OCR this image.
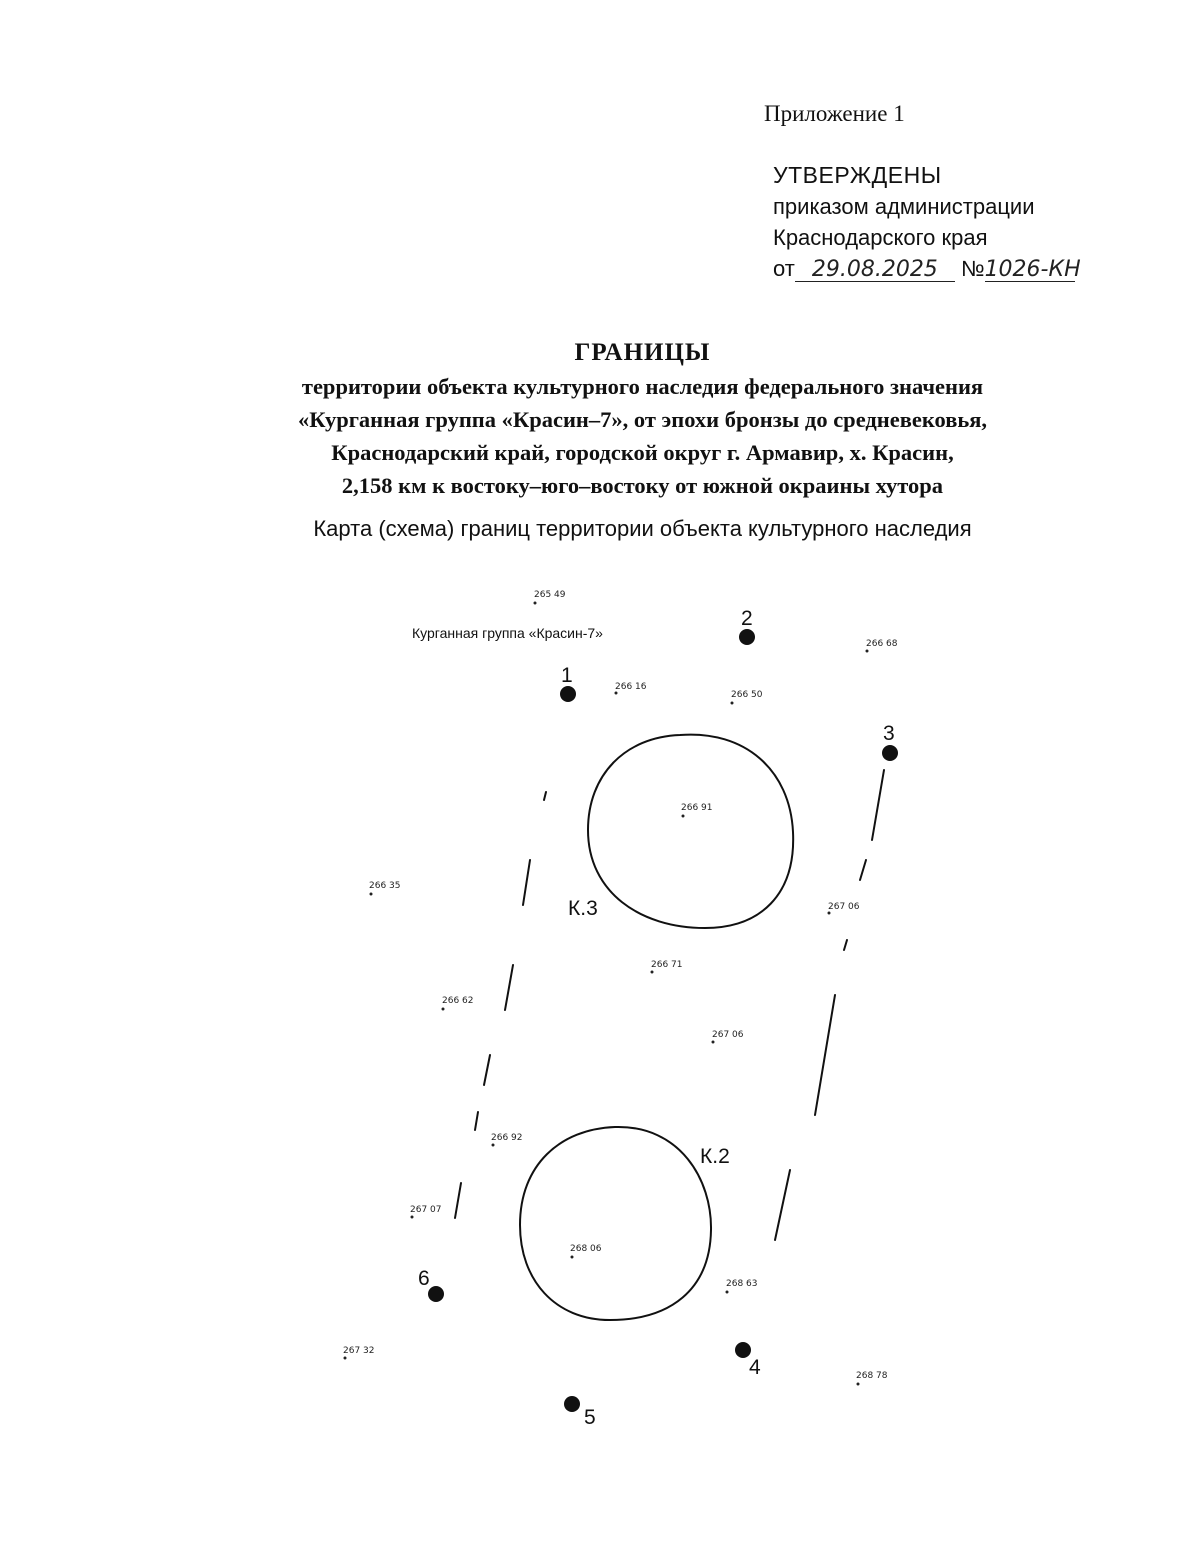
Приложение 1
УТВЕРЖДЕНЫ
приказом администрации
Краснодарского края
от 29.08.2025 №1026-КН
ГРАНИЦЫ
территории объекта культурного наследия федерального значения
«Курганная группа «Красин–7», от эпохи бронзы до средневековья,
Краснодарский край, городской округ г. Армавир, х. Красин,
2,158 км к востоку–юго–востоку от южной окраины хутора
Карта (схема) границ территории объекта культурного наследия
Курганная группа «Красин-7»
1
2
3
4
5
6
К.3
К.2
265 49
266 68
266 16
266 50
266 91
266 35
267 06
266 71
266 62
267 06
266 92
267 07
268 06
268 63
267 32
268 78
